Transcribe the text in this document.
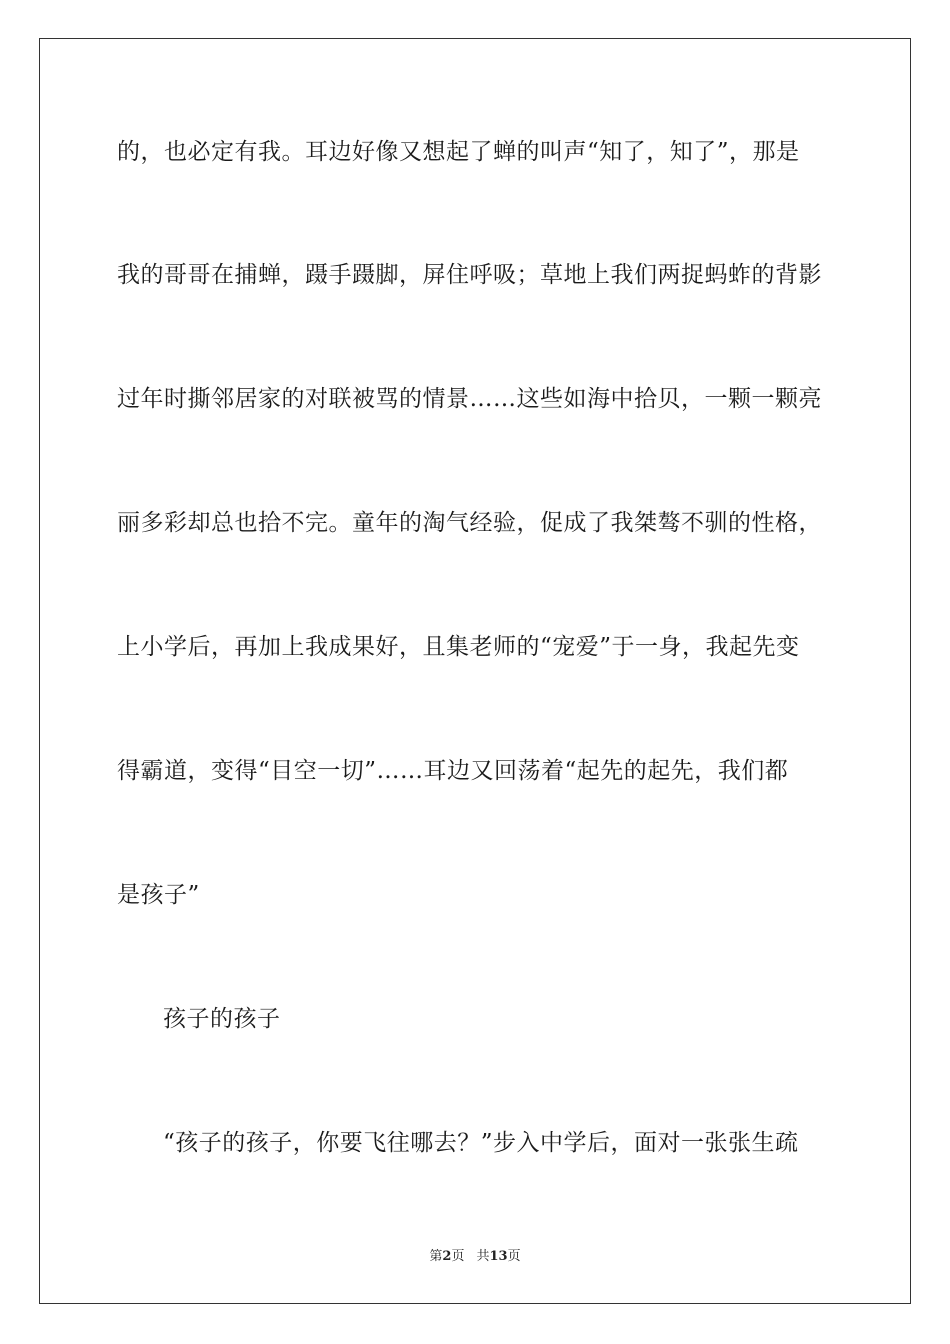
的，也必定有我。耳边好像又想起了蝉的叫声“知了，知了”，那是
我的哥哥在捕蝉，蹑手蹑脚，屏住呼吸；草地上我们两捉蚂蚱的背影
过年时撕邻居家的对联被骂的情景……这些如海中拾贝，一颗一颗亮
丽多彩却总也拾不完。童年的淘气经验，促成了我桀骜不驯的性格，
上小学后，再加上我成果好，且集老师的“宠爱”于一身，我起先变
得霸道，变得“目空一切”……耳边又回荡着“起先的起先，我们都
是孩子”
孩子的孩子
“孩子的孩子，你要飞往哪去？”步入中学后，面对一张张生疏
第2页 共13页
